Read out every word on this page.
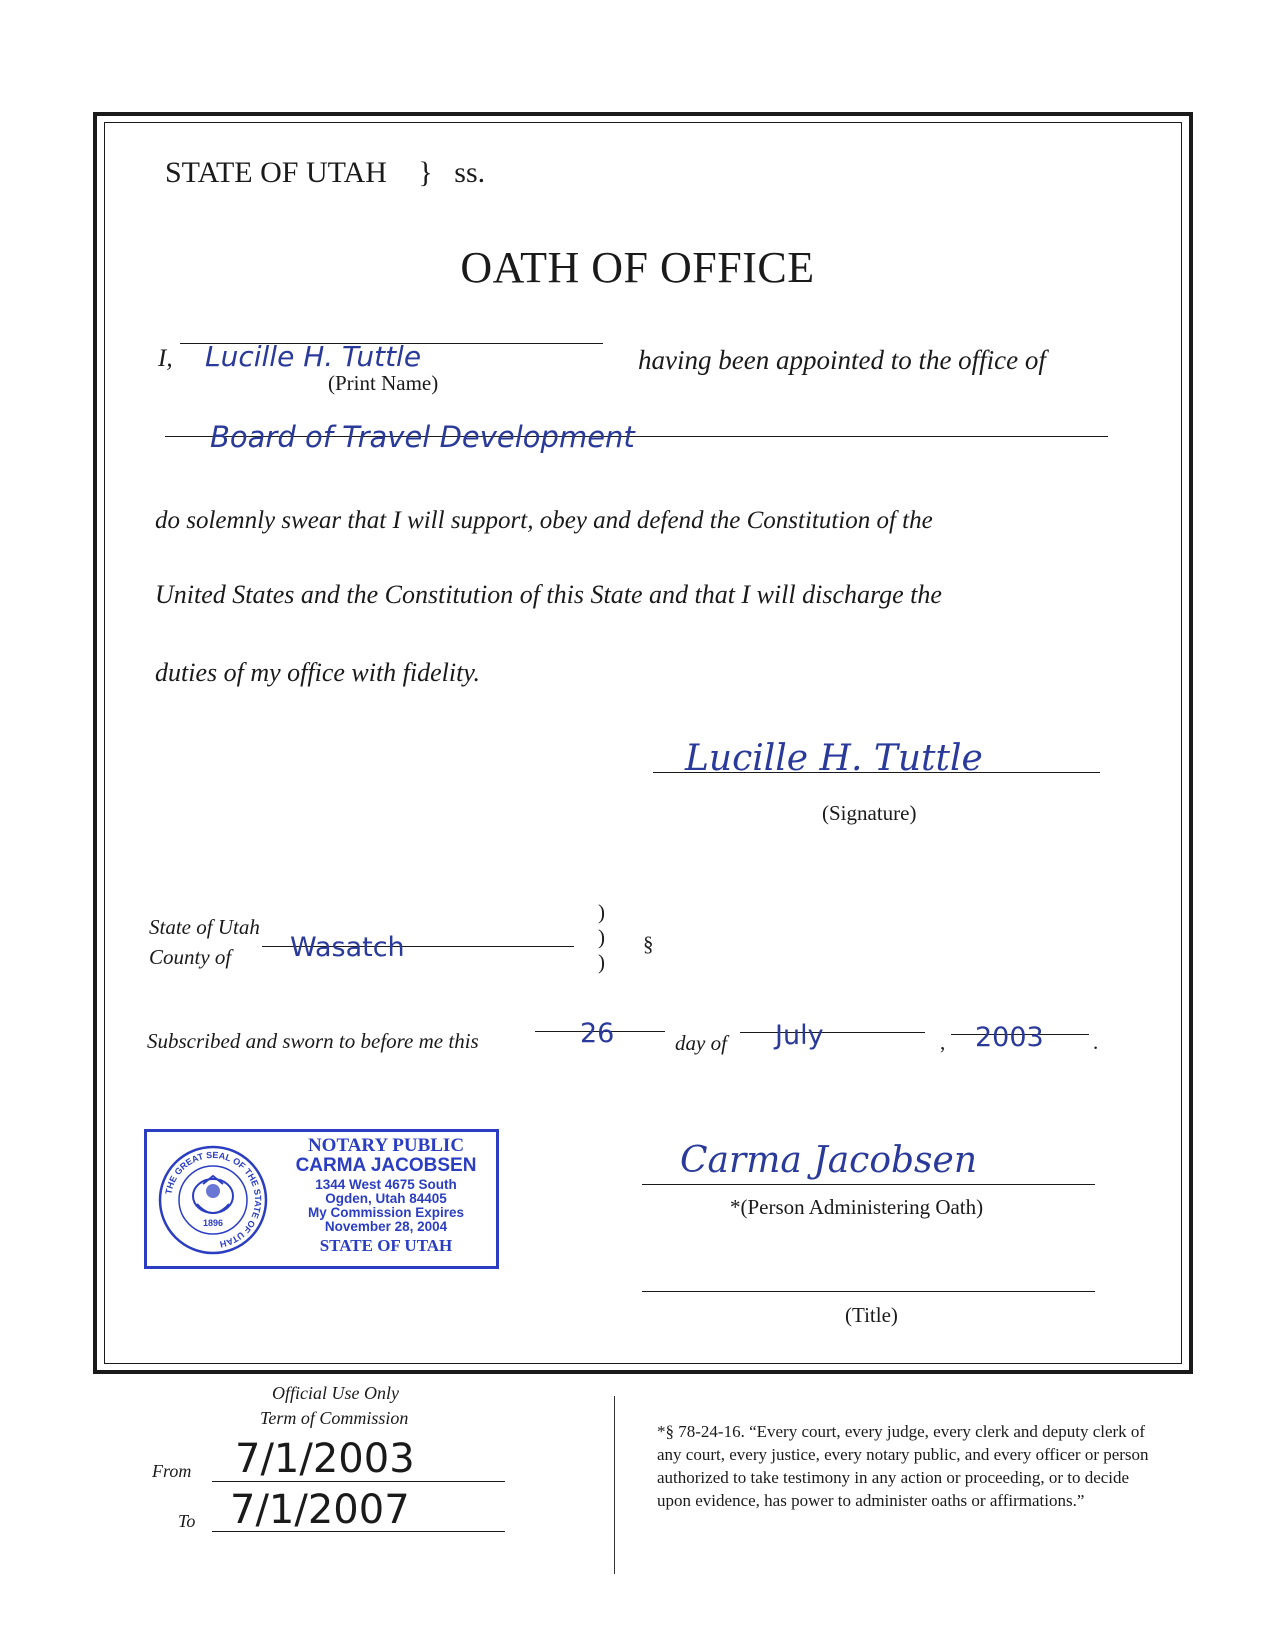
STATE OF UTAH } ss.
OATH OF OFFICE
I, Lucille H. Tuttle
(Print Name)
having been appointed to the office of
Board of Travel Development
do solemnly swear that I will support, obey and defend the Constitution of the
United States and the Constitution of this State and that I will discharge the
duties of my office with fidelity.
Lucille H. Tuttle
(Signature)
State of Utah
County of Wasatch
)
)
)
§
Subscribed and sworn to before me this	26	day of July	, 2003 .
THE GREAT SEAL OF THE STATE OF UTAH
1896
NOTARY PUBLIC
CARMA JACOBSEN
1344 West 4675 South
Ogden, Utah 84405
My Commission Expires
November 28, 2004
STATE OF UTAH
Carma Jacobsen
*(Person Administering Oath)
(Title)
Official Use Only
Term of Commission
From 7/1/2003
To 7/1/2007
*§ 78-24-16. “Every court, every judge, every clerk and deputy clerk of any court, every justice, every notary public, and every officer or person authorized to take testimony in any action or proceeding, or to decide upon evidence, has power to administer oaths or affirmations.”
